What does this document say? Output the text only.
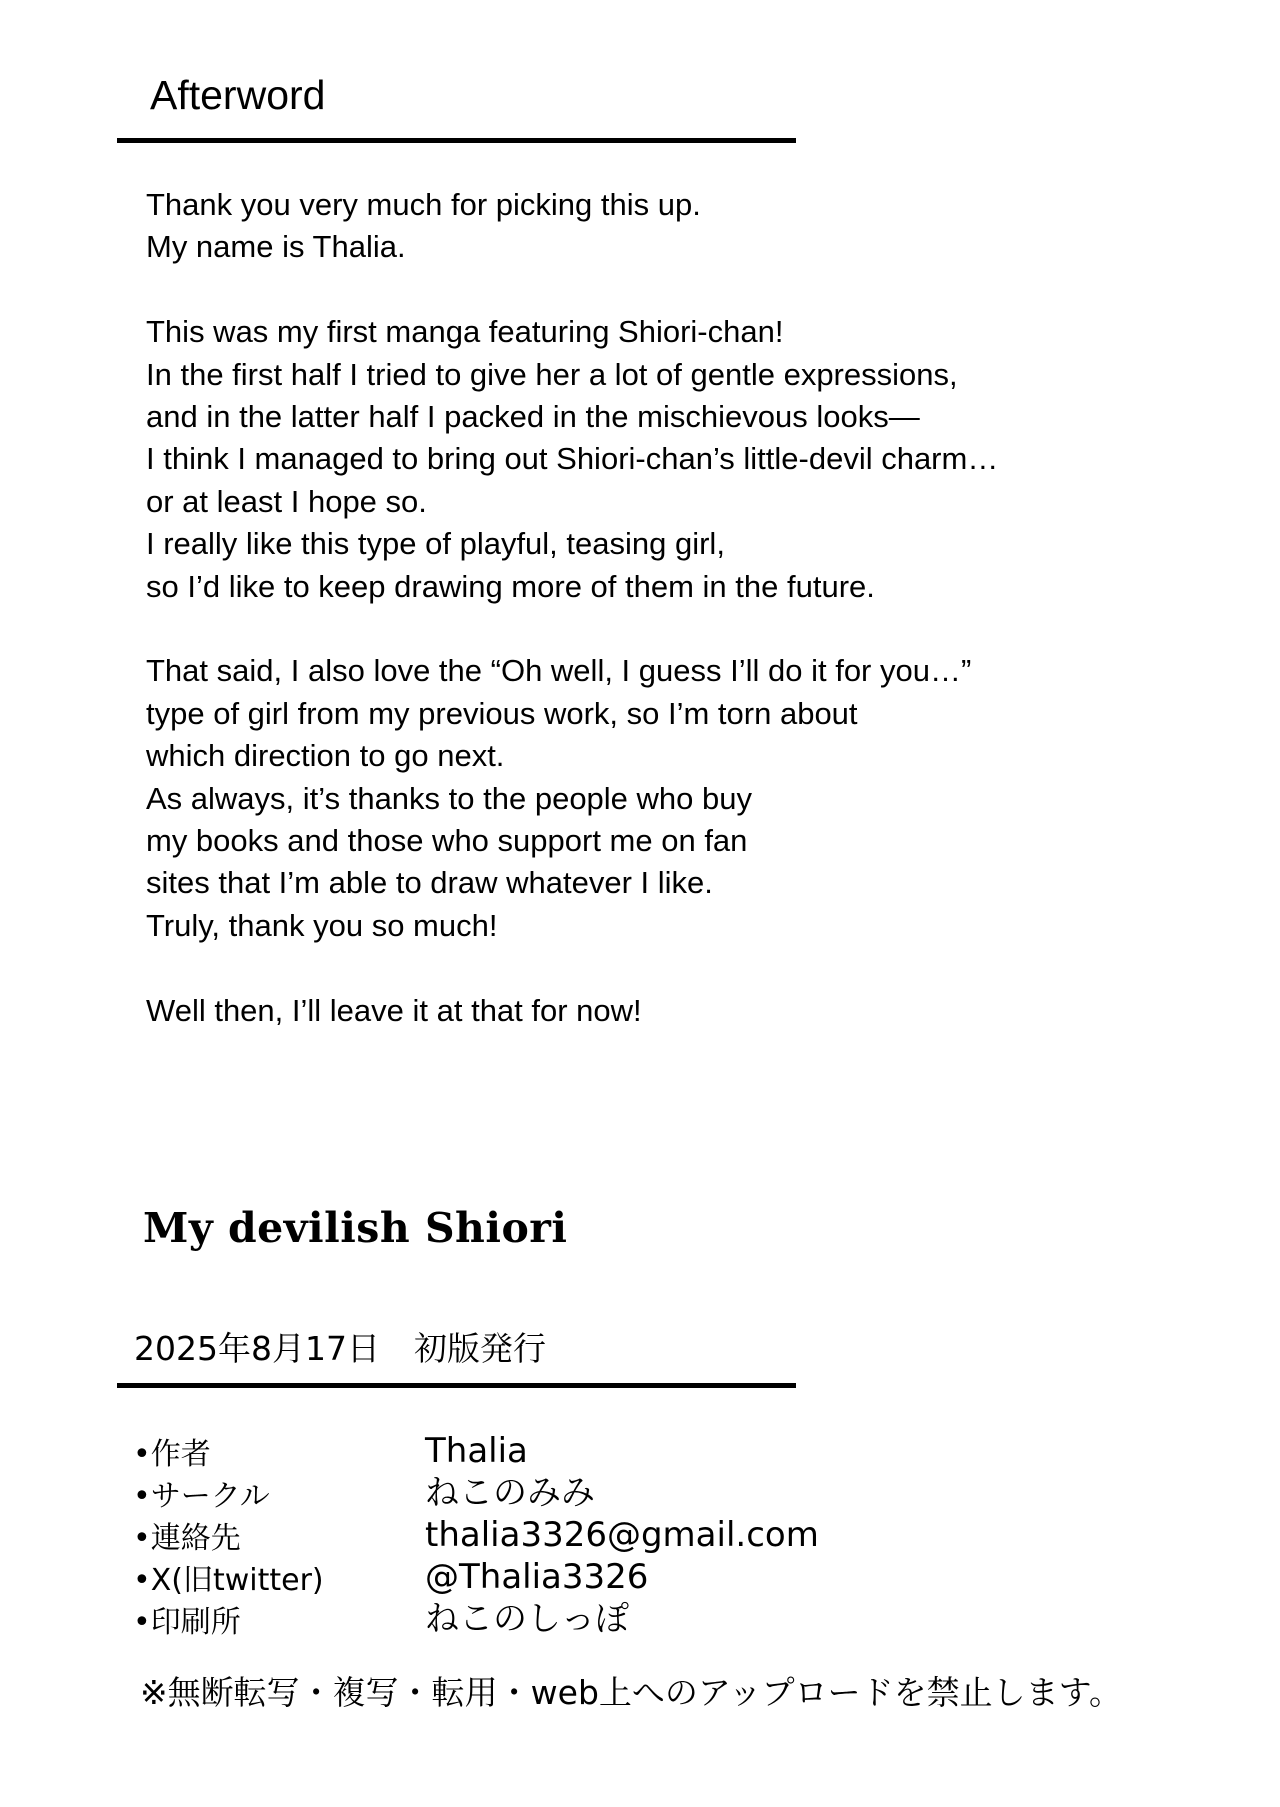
Afterword
Thank you very much for picking this up.
My name is Thalia.
This was my first manga featuring Shiori-chan!
In the first half I tried to give her a lot of gentle expressions,
and in the latter half I packed in the mischievous looks—
I think I managed to bring out Shiori-chan’s little-devil charm…
or at least I hope so.
I really like this type of playful, teasing girl,
so I’d like to keep drawing more of them in the future.
That said, I also love the “Oh well, I guess I’ll do it for you…”
type of girl from my previous work, so I’m torn about
which direction to go next.
As always, it’s thanks to the people who buy
my books and those who support me on fan
sites that I’m able to draw whatever I like.
Truly, thank you so much!
Well then, I’ll leave it at that for now!
My devilish Shiori
2025年8月17日 初版発行
•作者	Thalia
•サークル	ねこのみみ
•連絡先	thalia3326@gmail.com
•X(旧twitter)	@Thalia3326
•印刷所	ねこのしっぽ
※無断転写・複写・転用・web上へのアップロードを禁止します。
